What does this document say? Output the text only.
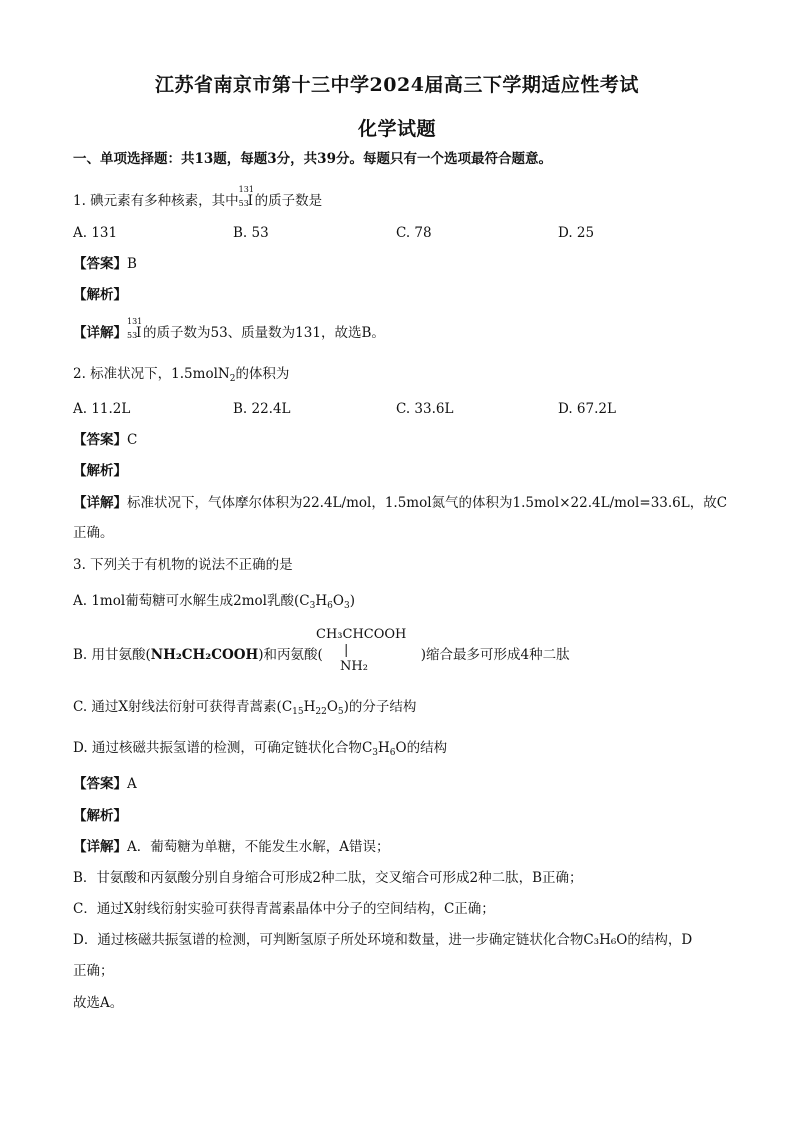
江苏省南京市第十三中学2024届高三下学期适应性考试
化学试题
一、单项选择题：共13题，每题3分，共39分。每题只有一个选项最符合题意。
1. 碘元素有多种核素，其中
131
53
I 的质子数是
A. 131	B. 53	C. 78	D. 25
【答案】B
【解析】
【详解】
131
53
I 的质子数为53、质量数为131，故选B。
2. 标准状况下，1.5molN$_2$的体积为
A. 11.2L	B. 22.4L	C. 33.6L	D. 67.2L
【答案】C
【解析】
【详解】标准状况下，气体摩尔体积为22.4L/mol，1.5mol氮气的体积为1.5mol×22.4L/mol=33.6L，故C
正确。
3. 下列关于有机物的说法不正确的是
A. 1mol葡萄糖可水解生成2mol乳酸$(C_3H_6O_3)$
B. 用甘氨酸(NH₂CH₂COOH)和丙氨酸(	)缩合最多可形成4种二肽
CH₃CHCOOH
|
NH₂
C. 通过X射线法衍射可获得青蒿素$(C_{15}H_{22}O_5)$的分子结构
D. 通过核磁共振氢谱的检测，可确定链状化合物$C_3H_6O$的结构
【答案】A
【解析】
【详解】A．葡萄糖为单糖，不能发生水解，A错误；
B．甘氨酸和丙氨酸分别自身缩合可形成2种二肽，交叉缩合可形成2种二肽，B正确；
C．通过X射线衍射实验可获得青蒿素晶体中分子的空间结构，C正确；
D．通过核磁共振氢谱的检测，可判断氢原子所处环境和数量，进一步确定链状化合物C₃H₆O的结构，D
正确；
故选A。
